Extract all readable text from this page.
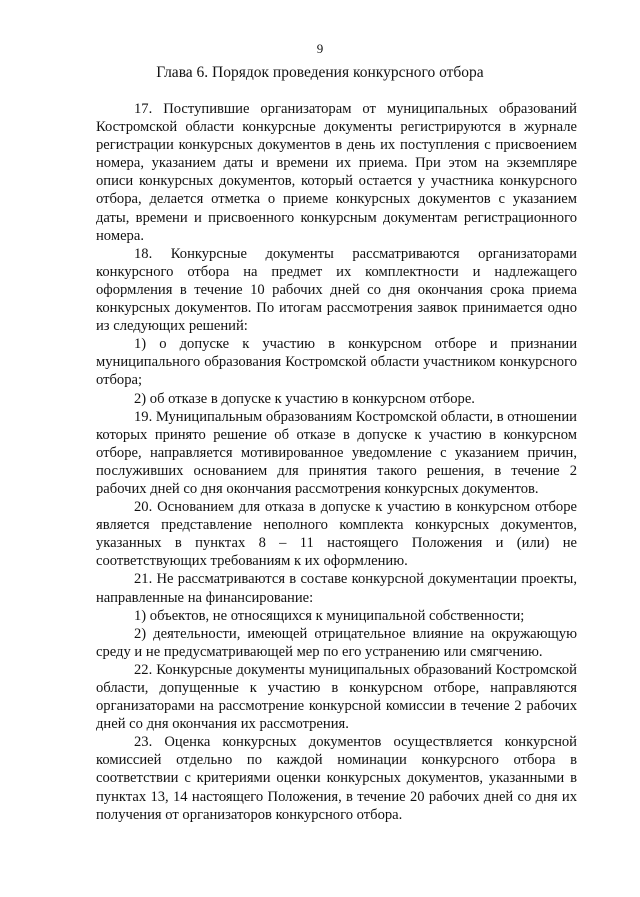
9
Глава 6. Порядок проведения конкурсного отбора

17. Поступившие организаторам от муниципальных образований Костромской области конкурсные документы регистрируются в журнале регистрации конкурсных документов в день их поступления с присвоением номера, указанием даты и времени их приема. При этом на экземпляре описи конкурсных документов, который остается у участника конкурсного отбора, делается отметка о приеме конкурсных документов с указанием даты, времени и присвоенного конкурсным документам регистрационного номера.

18. Конкурсные документы рассматриваются организаторами конкурсного отбора на предмет их комплектности и надлежащего оформления в течение 10 рабочих дней со дня окончания срока приема конкурсных документов. По итогам рассмотрения заявок принимается одно из следующих решений:

1) о допуске к участию в конкурсном отборе и признании муниципального образования Костромской области участником конкурсного отбора;

2) об отказе в допуске к участию в конкурсном отборе.

19. Муниципальным образованиям Костромской области, в отношении которых принято решение об отказе в допуске к участию в конкурсном отборе, направляется мотивированное уведомление с указанием причин, послуживших основанием для принятия такого решения, в течение 2 рабочих дней со дня окончания рассмотрения конкурсных документов.

20. Основанием для отказа в допуске к участию в конкурсном отборе является представление неполного комплекта конкурсных документов, указанных в пунктах 8 – 11 настоящего Положения и (или) не соответствующих требованиям к их оформлению.

21. Не рассматриваются в составе конкурсной документации проекты, направленные на финансирование:

1) объектов, не относящихся к муниципальной собственности;

2) деятельности, имеющей отрицательное влияние на окружающую среду и не предусматривающей мер по его устранению или смягчению.

22. Конкурсные документы муниципальных образований Костромской области, допущенные к участию в конкурсном отборе, направляются организаторами на рассмотрение конкурсной комиссии в течение 2 рабочих дней со дня окончания их рассмотрения.

23. Оценка конкурсных документов осуществляется конкурсной комиссией отдельно по каждой номинации конкурсного отбора в соответствии с критериями оценки конкурсных документов, указанными в пунктах 13, 14 настоящего Положения, в течение 20 рабочих дней со дня их получения от организаторов конкурсного отбора.
